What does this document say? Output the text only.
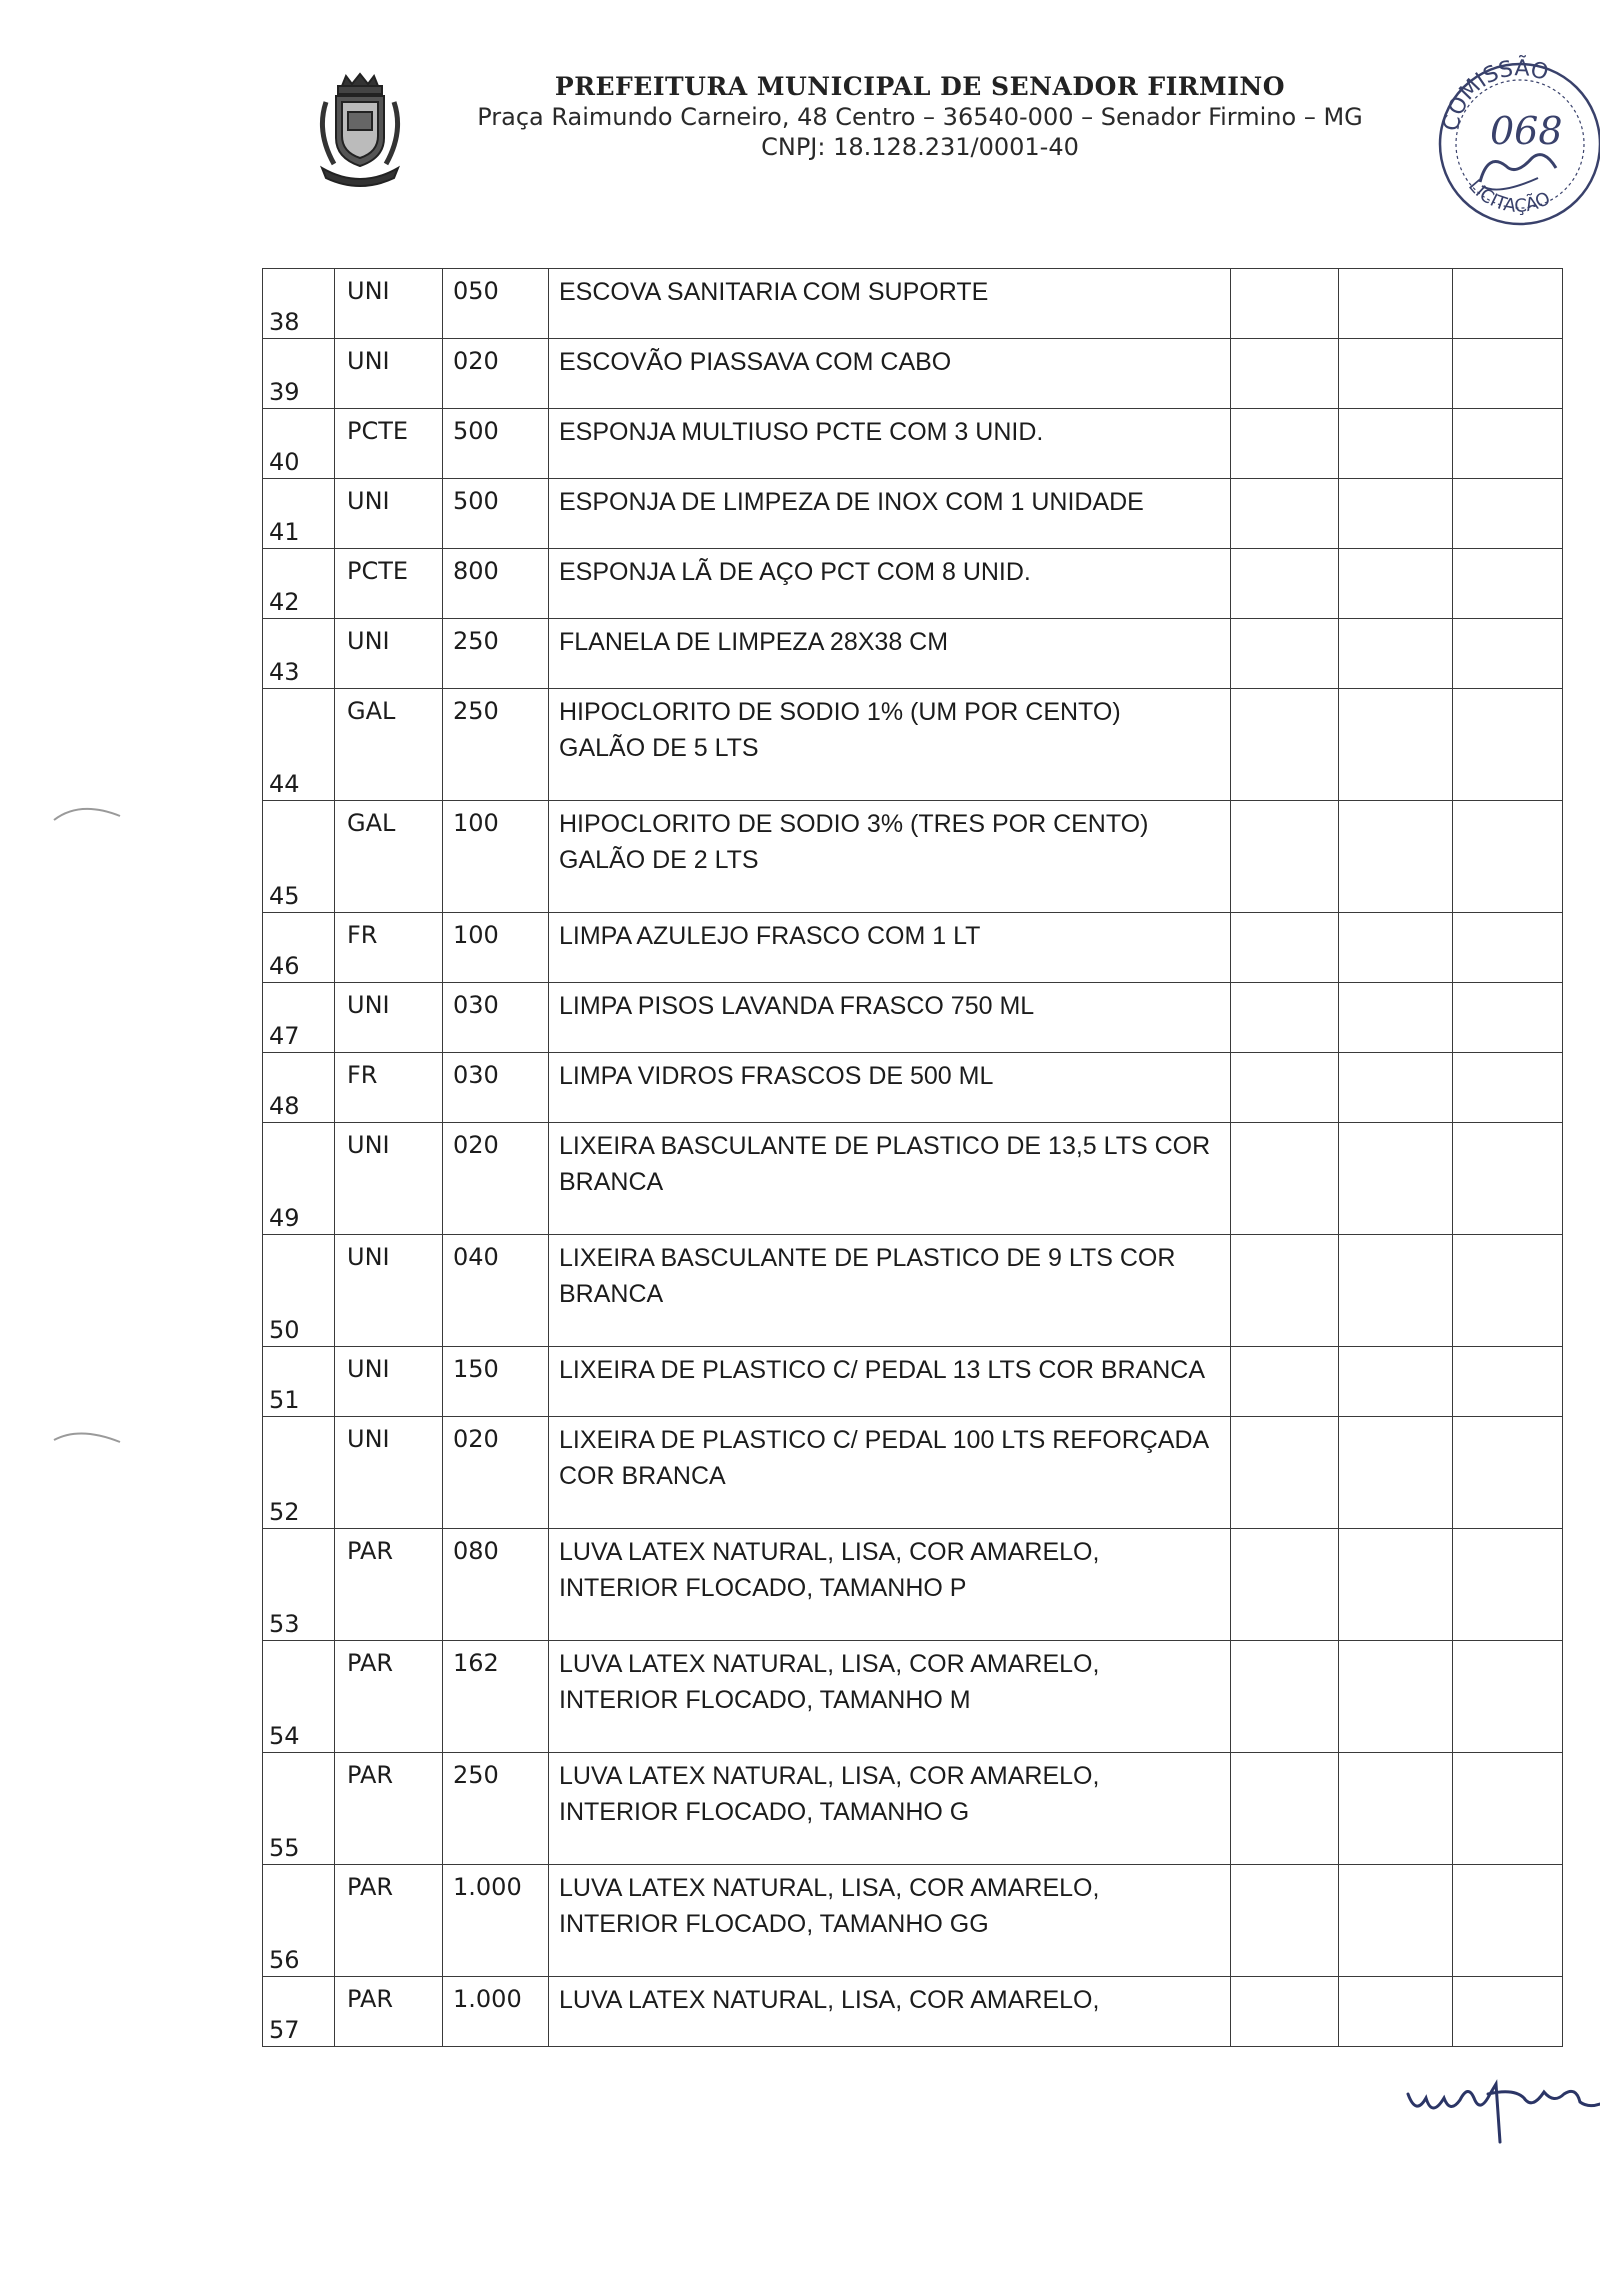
PREFEITURA MUNICIPAL DE SENADOR FIRMINO
Praça Raimundo Carneiro, 48 Centro – 36540-000 – Senador Firmino – MG
CNPJ: 18.128.231/0001-40
COMISSÃO
068
LICITAÇÃO
38	UNI	050	ESCOVA SANITARIA COM SUPORTE			

39	UNI	020	ESCOVÃO PIASSAVA COM CABO			

40	PCTE	500	ESPONJA MULTIUSO PCTE COM 3 UNID.			

41	UNI	500	ESPONJA DE LIMPEZA DE INOX COM 1 UNIDADE			

42	PCTE	800	ESPONJA LÃ DE AÇO PCT COM 8 UNID.			

43	UNI	250	FLANELA DE LIMPEZA 28X38 CM			

44	GAL	250	HIPOCLORITO DE SODIO 1% (UM POR CENTO)
GALÃO DE 5 LTS			

45	GAL	100	HIPOCLORITO DE SODIO 3% (TRES POR CENTO)
GALÃO DE 2 LTS			

46	FR	100	LIMPA AZULEJO FRASCO COM 1 LT			

47	UNI	030	LIMPA PISOS LAVANDA FRASCO 750 ML			

48	FR	030	LIMPA VIDROS FRASCOS DE 500 ML			

49	UNI	020	LIXEIRA BASCULANTE DE PLASTICO DE 13,5 LTS COR
BRANCA			

50	UNI	040	LIXEIRA BASCULANTE DE PLASTICO DE 9 LTS COR
BRANCA			

51	UNI	150	LIXEIRA DE PLASTICO C/ PEDAL 13 LTS COR BRANCA			

52	UNI	020	LIXEIRA DE PLASTICO C/ PEDAL 100 LTS REFORÇADA
COR BRANCA			

53	PAR	080	LUVA LATEX NATURAL, LISA, COR AMARELO,
INTERIOR FLOCADO, TAMANHO P			

54	PAR	162	LUVA LATEX NATURAL, LISA, COR AMARELO,
INTERIOR FLOCADO, TAMANHO M			

55	PAR	250	LUVA LATEX NATURAL, LISA, COR AMARELO,
INTERIOR FLOCADO, TAMANHO G			

56	PAR	1.000	LUVA LATEX NATURAL, LISA, COR AMARELO,
INTERIOR FLOCADO, TAMANHO GG			

57	PAR	1.000	LUVA LATEX NATURAL, LISA, COR AMARELO,			
